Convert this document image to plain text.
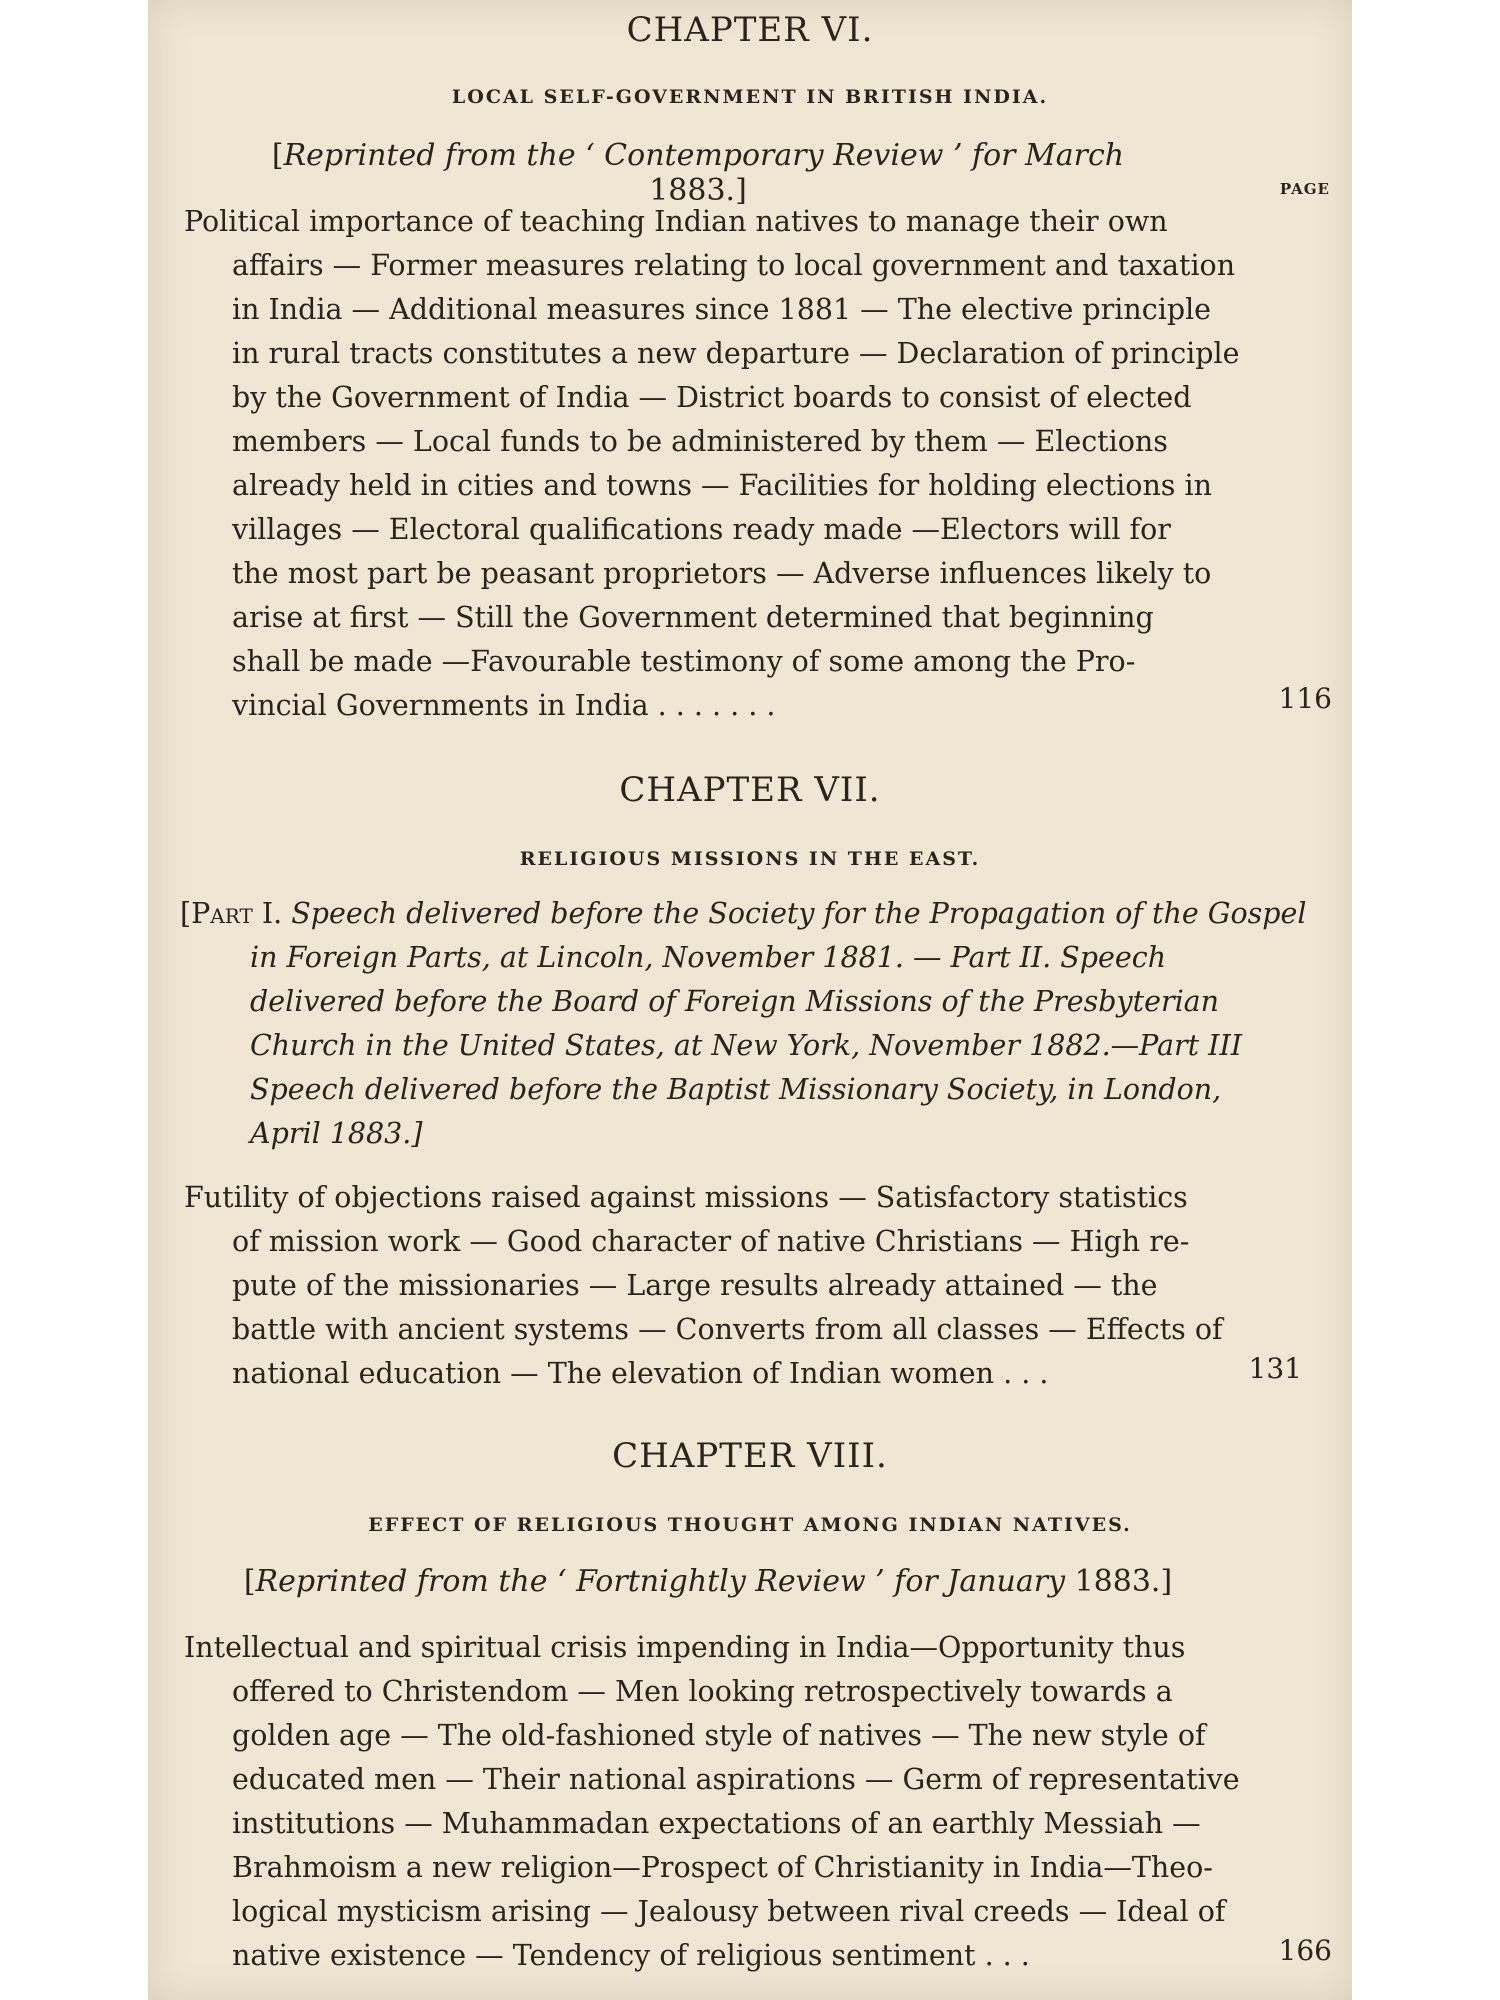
CHAPTER VI.
LOCAL SELF-GOVERNMENT IN BRITISH INDIA.
[Reprinted from the ‘ Contemporary Review ’ for March 1883.]	PAGE
Political importance of teaching Indian natives to manage their own
affairs — Former measures relating to local government and taxation
in India — Additional measures since 1881 — The elective principle
in rural tracts constitutes a new departure — Declaration of principle
by the Government of India — District boards to consist of elected
members — Local funds to be administered by them — Elections
already held in cities and towns — Facilities for holding elections in
villages — Electoral qualifications ready made —Electors will for
the most part be peasant proprietors — Adverse influences likely to
arise at first — Still the Government determined that beginning
shall be made —Favourable testimony of some among the Pro-
vincial Governments in India . . . . . . .	116
CHAPTER VII.
RELIGIOUS MISSIONS IN THE EAST.
[Part I. Speech delivered before the Society for the Propagation of the Gospel
in Foreign Parts, at Lincoln, November 1881. — Part II. Speech
delivered before the Board of Foreign Missions of the Presbyterian
Church in the United States, at New York, November 1882.—Part III
Speech delivered before the Baptist Missionary Society, in London,
April 1883.]
Futility of objections raised against missions — Satisfactory statistics
of mission work — Good character of native Christians — High re-
pute of the missionaries — Large results already attained — the
battle with ancient systems — Converts from all classes — Effects of
national education — The elevation of Indian women . . .	131
CHAPTER VIII.
EFFECT OF RELIGIOUS THOUGHT AMONG INDIAN NATIVES.
[Reprinted from the ‘ Fortnightly Review ’ for January 1883.]
Intellectual and spiritual crisis impending in India—Opportunity thus
offered to Christendom — Men looking retrospectively towards a
golden age — The old-fashioned style of natives — The new style of
educated men — Their national aspirations — Germ of representative
institutions — Muhammadan expectations of an earthly Messiah —
Brahmoism a new religion—Prospect of Christianity in India—Theo-
logical mysticism arising — Jealousy between rival creeds — Ideal of
native existence — Tendency of religious sentiment . . .	166
